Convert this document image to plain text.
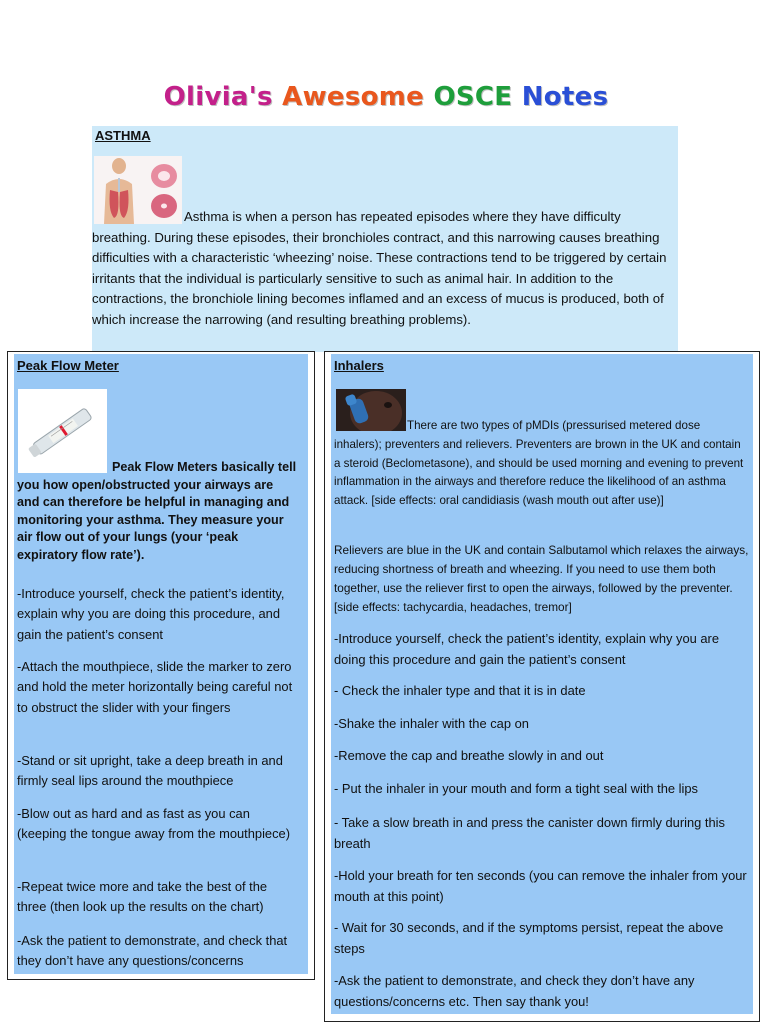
Olivia's Awesome OSCE Notes
ASTHMA
Asthma is when a person has repeated episodes where they have difficulty breathing. During these episodes, their bronchioles contract, and this narrowing causes breathing difficulties with a characteristic ‘wheezing’ noise. These contractions tend to be triggered by certain irritants that the individual is particularly sensitive to such as animal hair. In addition to the contractions, the bronchiole lining becomes inflamed and an excess of mucus is produced, both of which increase the narrowing (and resulting breathing problems).
Peak Flow Meter
Peak Flow Meters basically tell you how open/obstructed your airways are and can therefore be helpful in managing and monitoring your asthma. They measure your air flow out of your lungs (your ‘peak expiratory flow rate’).
-Introduce yourself, check the patient’s identity, explain why you are doing this procedure, and gain the patient’s consent
-Attach the mouthpiece, slide the marker to zero and hold the meter horizontally being careful not to obstruct the slider with your fingers
-Stand or sit upright, take a deep breath in and firmly seal lips around the mouthpiece
-Blow out as hard and as fast as you can (keeping the tongue away from the mouthpiece)
-Repeat twice more and take the best of the three (then look up the results on the chart)
-Ask the patient to demonstrate, and check that they don’t have any questions/concerns
Inhalers
There are two types of pMDIs (pressurised metered dose inhalers); preventers and relievers. Preventers are brown in the UK and contain a steroid (Beclometasone), and should be used morning and evening to prevent inflammation in the airways and therefore reduce the likelihood of an asthma attack. [side effects: oral candidiasis (wash mouth out after use)]
Relievers are blue in the UK and contain Salbutamol which relaxes the airways, reducing shortness of breath and wheezing. If you need to use them both together, use the reliever first to open the airways, followed by the preventer. [side effects: tachycardia, headaches, tremor]
-Introduce yourself, check the patient’s identity, explain why you are doing this procedure and gain the patient’s consent
- Check the inhaler type and that it is in date
-Shake the inhaler with the cap on
-Remove the cap and breathe slowly in and out
- Put the inhaler in your mouth and form a tight seal with the lips
- Take a slow breath in and press the canister down firmly during this breath
-Hold your breath for ten seconds (you can remove the inhaler from your mouth at this point)
- Wait for 30 seconds, and if the symptoms persist, repeat the above steps
-Ask the patient to demonstrate, and check they don’t have any questions/concerns etc. Then say thank you!
